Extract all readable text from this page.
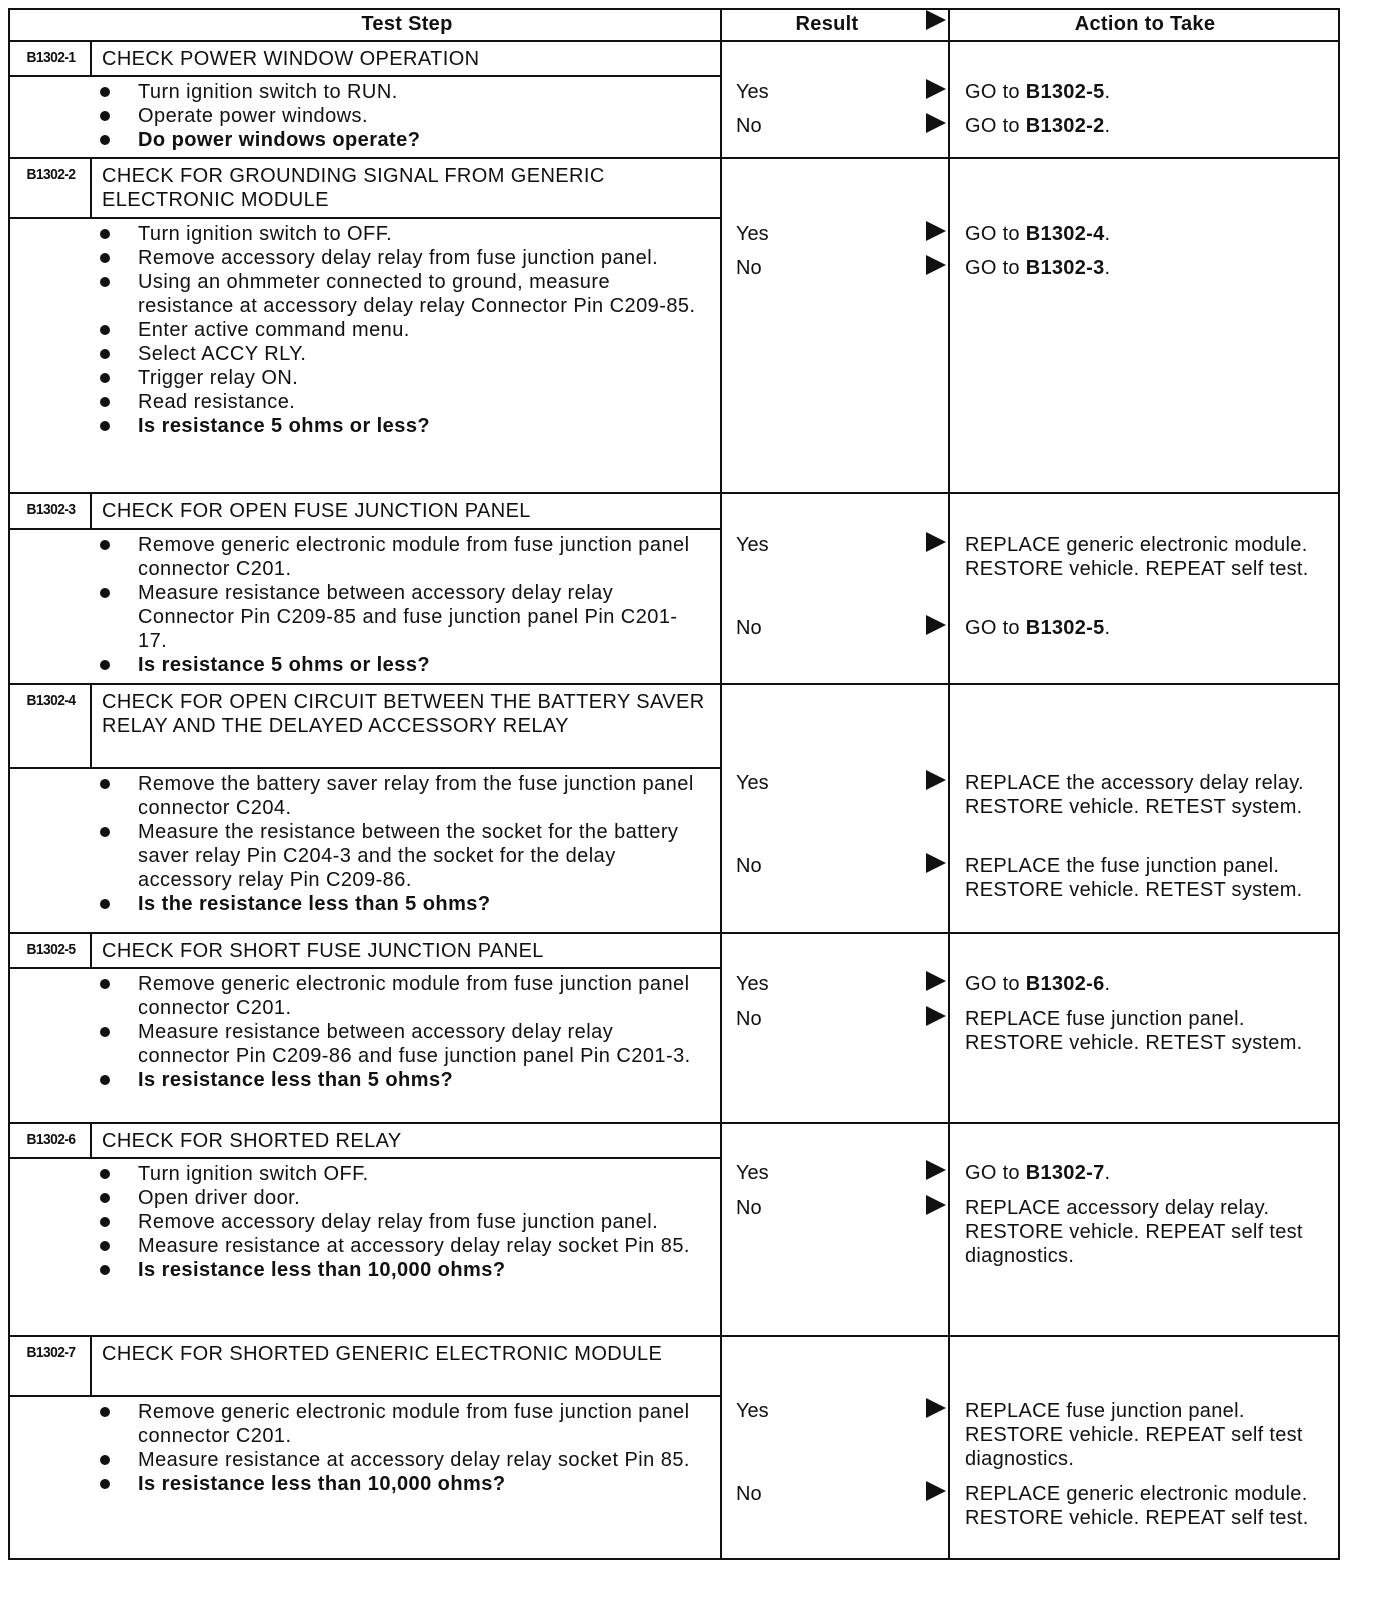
Test Step	Result	Action to Take
B1302-1	CHECK POWER WINDOW OPERATION
Turn ignition switch to RUN.
Operate power windows.
Do power windows operate?
Yes	GO to B1302-5.
No	GO to B1302-2.
B1302-2	CHECK FOR GROUNDING SIGNAL FROM GENERIC ELECTRONIC MODULE
Turn ignition switch to OFF.
Remove accessory delay relay from fuse junction panel.
Using an ohmmeter connected to ground, measure resistance at accessory delay relay Connector Pin C209-85.
Enter active command menu.
Select ACCY RLY.
Trigger relay ON.
Read resistance.
Is resistance 5 ohms or less?
Yes	GO to B1302-4.
No	GO to B1302-3.
B1302-3	CHECK FOR OPEN FUSE JUNCTION PANEL
Remove generic electronic module from fuse junction panel connector C201.
Measure resistance between accessory delay relay Connector Pin C209-85 and fuse junction panel Pin C201-17.
Is resistance 5 ohms or less?
Yes	REPLACE generic electronic module. RESTORE vehicle. REPEAT self test.
No	GO to B1302-5.
B1302-4	CHECK FOR OPEN CIRCUIT BETWEEN THE BATTERY SAVER RELAY AND THE DELAYED ACCESSORY RELAY
Remove the battery saver relay from the fuse junction panel connector C204.
Measure the resistance between the socket for the battery saver relay Pin C204-3 and the socket for the delay accessory relay Pin C209-86.
Is the resistance less than 5 ohms?
Yes	REPLACE the accessory delay relay. RESTORE vehicle. RETEST system.
No	REPLACE the fuse junction panel. RESTORE vehicle. RETEST system.
B1302-5	CHECK FOR SHORT FUSE JUNCTION PANEL
Remove generic electronic module from fuse junction panel connector C201.
Measure resistance between accessory delay relay connector Pin C209-86 and fuse junction panel Pin C201-3.
Is resistance less than 5 ohms?
Yes	GO to B1302-6.
No	REPLACE fuse junction panel. RESTORE vehicle. RETEST system.
B1302-6	CHECK FOR SHORTED RELAY
Turn ignition switch OFF.
Open driver door.
Remove accessory delay relay from fuse junction panel.
Measure resistance at accessory delay relay socket Pin 85.
Is resistance less than 10,000 ohms?
Yes	GO to B1302-7.
No	REPLACE accessory delay relay. RESTORE vehicle. REPEAT self test diagnostics.
B1302-7	CHECK FOR SHORTED GENERIC ELECTRONIC MODULE
Remove generic electronic module from fuse junction panel connector C201.
Measure resistance at accessory delay relay socket Pin 85.
Is resistance less than 10,000 ohms?
Yes	REPLACE fuse junction panel. RESTORE vehicle. REPEAT self test diagnostics.
No	REPLACE generic electronic module. RESTORE vehicle. REPEAT self test.
